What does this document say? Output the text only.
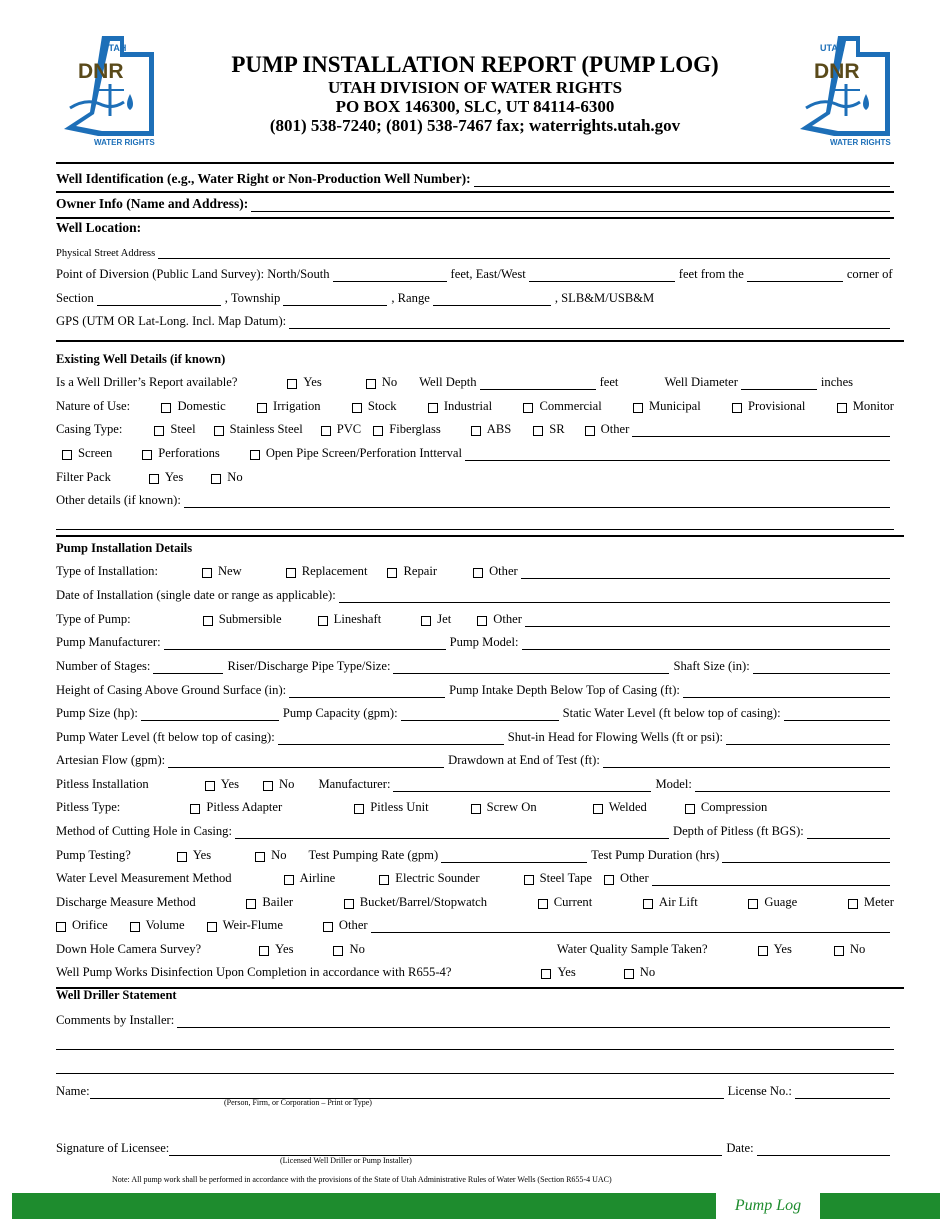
UTAH
DNR
WATER RIGHTS
UTAH
DNR
WATER RIGHTS
PUMP INSTALLATION REPORT (PUMP LOG)
UTAH DIVISION OF WATER RIGHTS
PO BOX 146300, SLC, UT 84114-6300
(801) 538-7240; (801) 538-7467 fax; waterrights.utah.gov
Well Identification (e.g., Water Right or Non-Production Well Number):
Owner Info (Name and Address):
Well Location:
Physical Street Address
Point of Diversion (Public Land Survey): North/South	feet, East/West	feet from the	corner of
Section	, Township	, Range	, SLB&M/USB&M
GPS (UTM OR Lat-Long. Incl. Map Datum):
Existing Well Details (if known)
Is a Well Driller’s Report available?	Yes	No Well Depth	feet	Well Diameter	inches
Nature of Use:	Domestic	Irrigation	Stock	Industrial	Commercial	Municipal	Provisional	Monitor
Casing Type:	Steel	Stainless Steel	PVC Fiberglass	ABS	SR	Other
Screen	Perforations	Open Pipe Screen/Perforation Intterval
Filter Pack	Yes	No
Other details (if known):
Pump Installation Details
Type of Installation:	New	Replacement	Repair	Other
Date of Installation (single date or range as applicable):
Type of Pump:	Submersible	Lineshaft	Jet	Other
Pump Manufacturer:	Pump Model:
Number of Stages:	Riser/Discharge Pipe Type/Size:	Shaft Size (in):
Height of Casing Above Ground Surface (in):	Pump Intake Depth Below Top of Casing (ft):
Pump Size (hp):	Pump Capacity (gpm):	Static Water Level (ft below top of casing):
Pump Water Level (ft below top of casing):	Shut-in Head for Flowing Wells (ft or psi):
Artesian Flow (gpm):	Drawdown at End of Test (ft):
Pitless Installation	Yes	No Manufacturer:	Model:
Pitless Type:	Pitless Adapter	Pitless Unit	Screw On	Welded	Compression
Method of Cutting Hole in Casing:	Depth of Pitless (ft BGS):
Pump Testing?	Yes	No Test Pumping Rate (gpm)	Test Pump Duration (hrs)
Water Level Measurement Method	Airline	Electric Sounder	Steel Tape Other
Discharge Measure Method	Bailer	Bucket/Barrel/Stopwatch	Current	Air Lift	Guage	Meter
Orifice	Volume	Weir-Flume	Other
Down Hole Camera Survey?	Yes	No	Water Quality Sample Taken?	Yes	No
Well Pump Works Disinfection Upon Completion in accordance with R655-4?	Yes	No
Well Driller Statement
Comments by Installer:
Name:	License No.:
(Person, Firm, or Corporation – Print or Type)
Signature of Licensee:	Date:
(Licensed Well Driller or Pump Installer)
Note: All pump work shall be performed in accordance with the provisions of the State of Utah Administrative Rules of Water Wells (Section R655-4 UAC)
Pump Log
